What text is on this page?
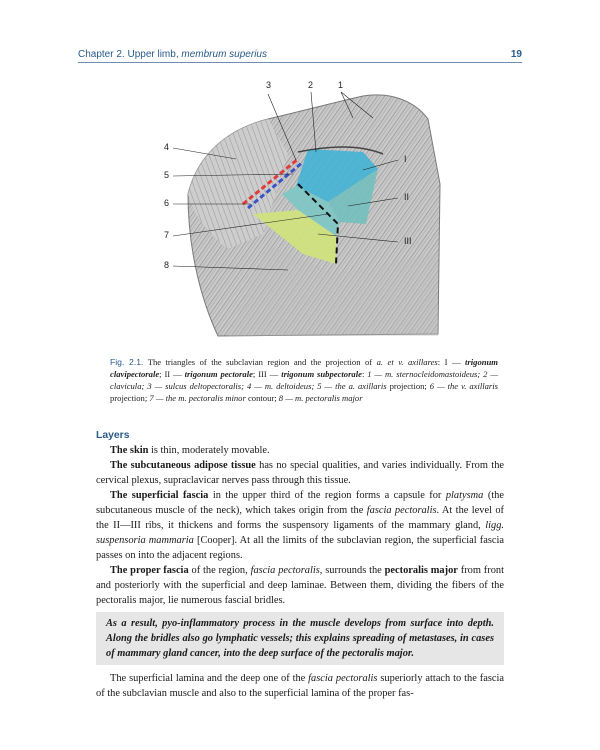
Chapter 2. Upper limb, membrum superius	19
3	2	1
4
5
6
7
8
I
II
III
Fig. 2.1. The triangles of the subclavian region and the projection of a. et v. axillares: I — trigonum clavipectorale; II — trigonum pectorale; III — trigonum subpectorale: 1 — m. sternocleidomastoideus; 2 — clavicula; 3 — sulcus deltopectoralis; 4 — m. deltoideus; 5 — the a. axillaris projection; 6 — the v. axillaris projection; 7 — the m. pectoralis minor contour; 8 — m. pectoralis major
Layers

The skin is thin, moderately movable.

The subcutaneous adipose tissue has no special qualities, and varies individually. From the cervical plexus, supraclavicar nerves pass through this tissue.

The superficial fascia in the upper third of the region forms a capsule for platysma (the subcutaneous muscle of the neck), which takes origin from the fascia pectoralis. At the level of the II—III ribs, it thickens and forms the suspensory ligaments of the mammary gland, ligg. suspensoria mammaria [Cooper]. At all the limits of the subclavian region, the superficial fascia passes on into the adjacent regions.

The proper fascia of the region, fascia pectoralis, surrounds the pectoralis major from front and posteriorly with the superficial and deep laminae. Between them, dividing the fibers of the pectoralis major, lie numerous fascial bridles.

As a result, pyo-inflammatory process in the muscle develops from surface into depth. Along the bridles also go lymphatic vessels; this explains spreading of metastases, in cases of mammary gland cancer, into the deep surface of the pectoralis major.

The superficial lamina and the deep one of the fascia pectoralis superiorly attach to the fascia of the subclavian muscle and also to the superficial lamina of the proper fas-
